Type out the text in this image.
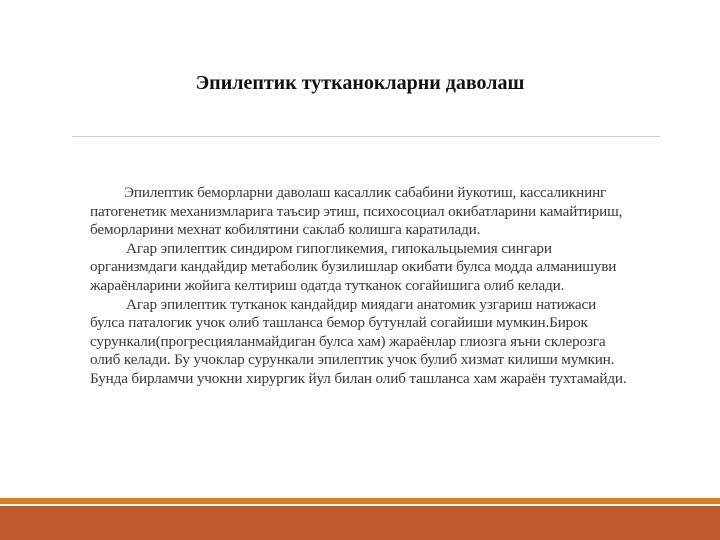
Эпилептик тутканокларни даволаш

Эпилептик беморларни даволаш касаллик сабабини йукотиш, кассаликнинг патогенетик механизмларига таъсир этиш, психосоциал окибатларини камайтириш, беморларини мехнат кобилятини саклаб колишга каратилади.

Агар эпилептик синдиром гипогликемия, гипокальцыемия сингари организмдаги кандайдир метаболик бузилишлар окибати булса модда алманишуви жараёнларини жойига келтириш одатда тутканок согайишига олиб келади.

Агар эпилептик тутканок кандайдир миядаги анатомик узгариш натижаси булса паталогик учок олиб ташланса бемор бутунлай согайиши мумкин.Бирок сурункали(прогресцияланмайдиган булса хам) жараёнлар глиозга яъни склерозга олиб келади. Бу учоклар сурункали эпилептик учок булиб хизмат килиши мумкин. Бунда бирламчи учокни хирургик йул билан олиб ташланса хам жараён тухтамайди.
